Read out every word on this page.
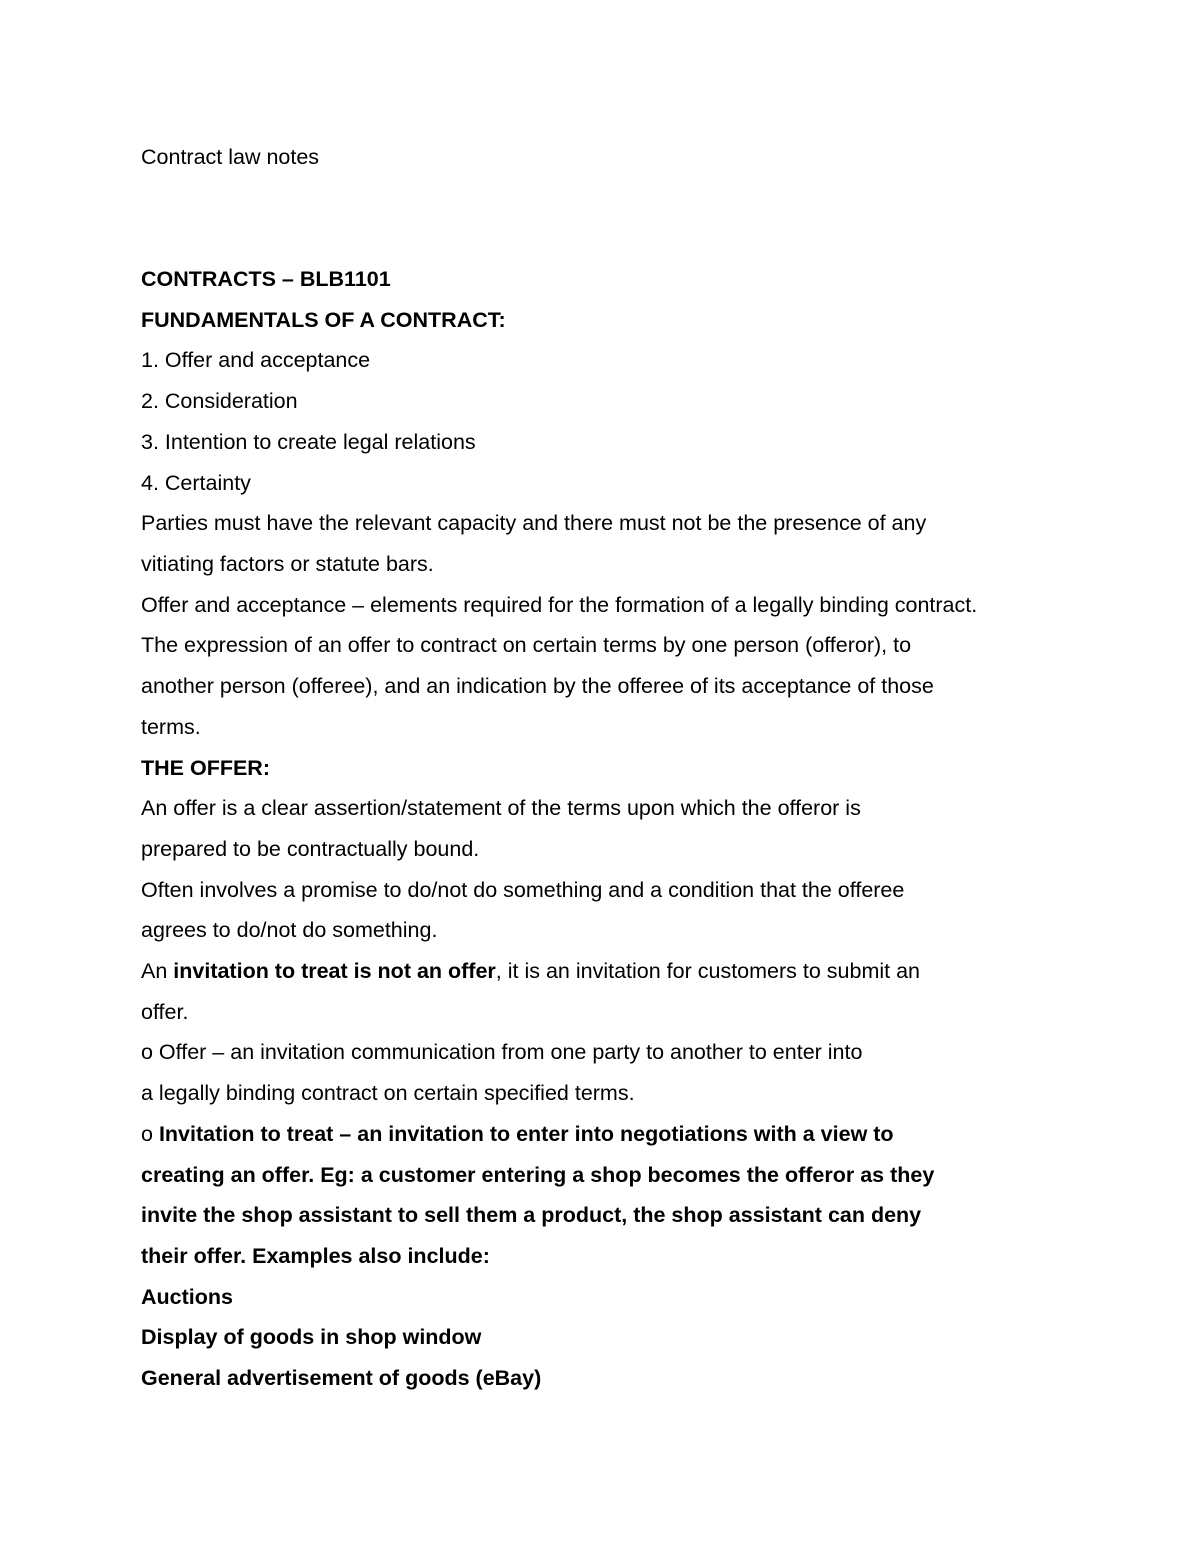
Contract law notes
CONTRACTS – BLB1101
FUNDAMENTALS OF A CONTRACT:
1. Offer and acceptance
2. Consideration
3. Intention to create legal relations
4. Certainty
Parties must have the relevant capacity and there must not be the presence of any
vitiating factors or statute bars.
Offer and acceptance – elements required for the formation of a legally binding contract.
The expression of an offer to contract on certain terms by one person (offeror), to
another person (offeree), and an indication by the offeree of its acceptance of those
terms.
THE OFFER:
An offer is a clear assertion/statement of the terms upon which the offeror is
prepared to be contractually bound.
Often involves a promise to do/not do something and a condition that the offeree
agrees to do/not do something.
An invitation to treat is not an offer, it is an invitation for customers to submit an
offer.
o Offer – an invitation communication from one party to another to enter into
a legally binding contract on certain specified terms.
o Invitation to treat – an invitation to enter into negotiations with a view to
creating an offer. Eg: a customer entering a shop becomes the offeror as they
invite the shop assistant to sell them a product, the shop assistant can deny
their offer. Examples also include:
Auctions
Display of goods in shop window
General advertisement of goods (eBay)
